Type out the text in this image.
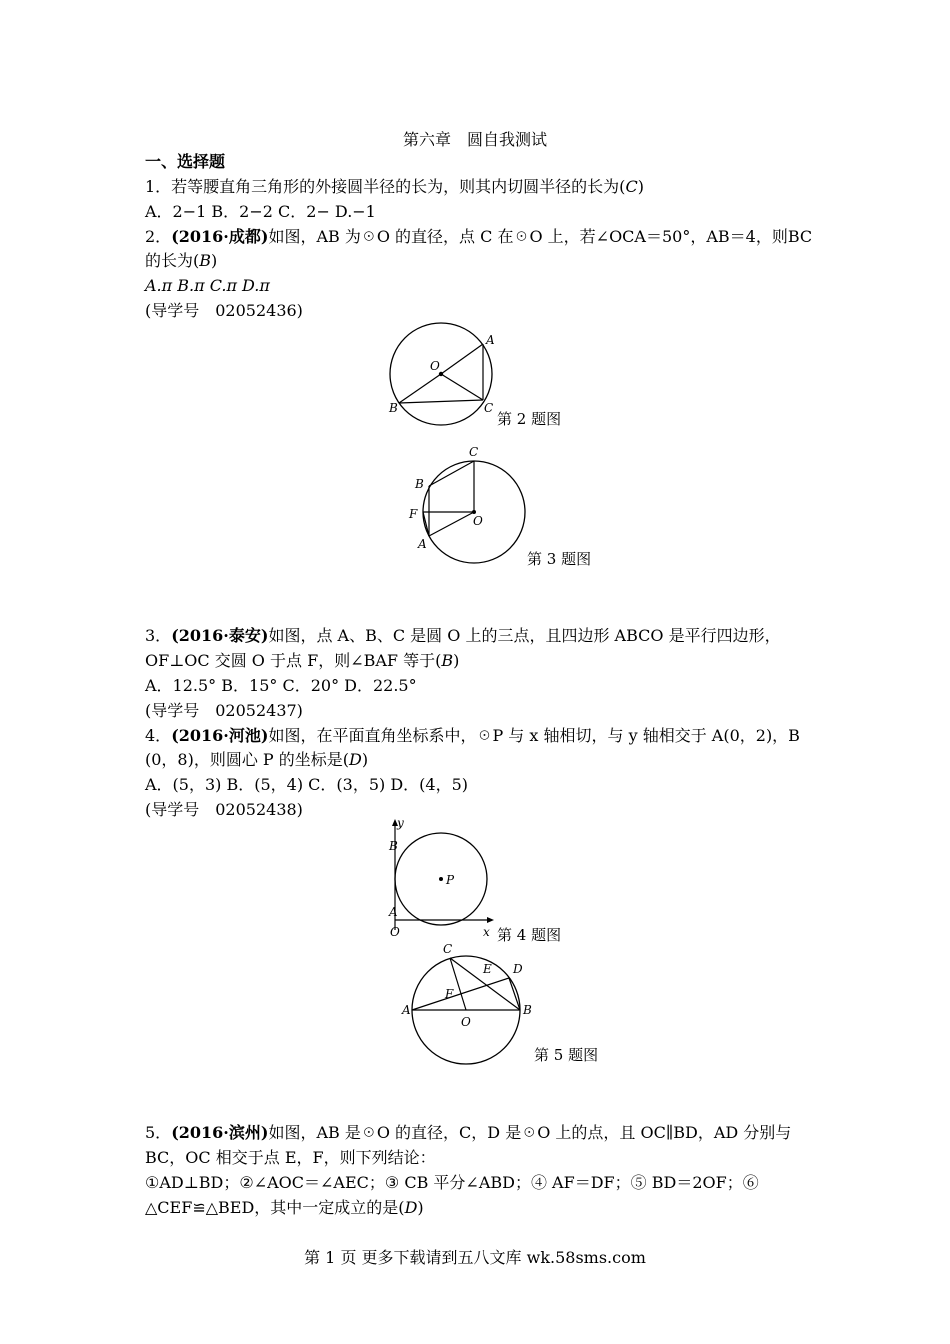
第六章　圆自我测试
一、选择题
1．若等腰直角三角形的外接圆半径的长为，则其内切圆半径的长为(C)
A．2−1 B．2−2 C．2− D.−1
2．(2016·成都)如图，AB 为☉O 的直径，点 C 在☉O 上，若∠OCA＝50°，AB＝4，则BC
的长为(B)
A.π B.π C.π D.π
(导学号　02052436)
A
O
B	C
第 2 题图
C
B
F	O
A
第 3 题图
3．(2016·泰安)如图，点 A、B、C 是圆 O 上的三点，且四边形 ABCO 是平行四边形，
OF⊥OC 交圆 O 于点 F，则∠BAF 等于(B)
A．12.5° B．15° C．20° D．22.5°
(导学号　02052437)
4．(2016·河池)如图，在平面直角坐标系中，☉P 与 x 轴相切，与 y 轴相交于 A(0，2)，B
(0，8)，则圆心 P 的坐标是(D)
A．(5，3) B．(5，4) C．(3，5) D．(4，5)
(导学号　02052438)
y
B
P
A
O	x 第 4 题图
C
E D
F
A
O
B
第 5 题图
5．(2016·滨州)如图，AB 是☉O 的直径，C，D 是☉O 上的点，且 OC∥BD，AD 分别与
BC，OC 相交于点 E，F，则下列结论：
①AD⊥BD；②∠AOC＝∠AEC；③ CB 平分∠ABD；④ AF＝DF；⑤ BD＝2OF；⑥
△CEF≌△BED，其中一定成立的是(D)
第 1 页 更多下载请到五八文库 wk.58sms.com
